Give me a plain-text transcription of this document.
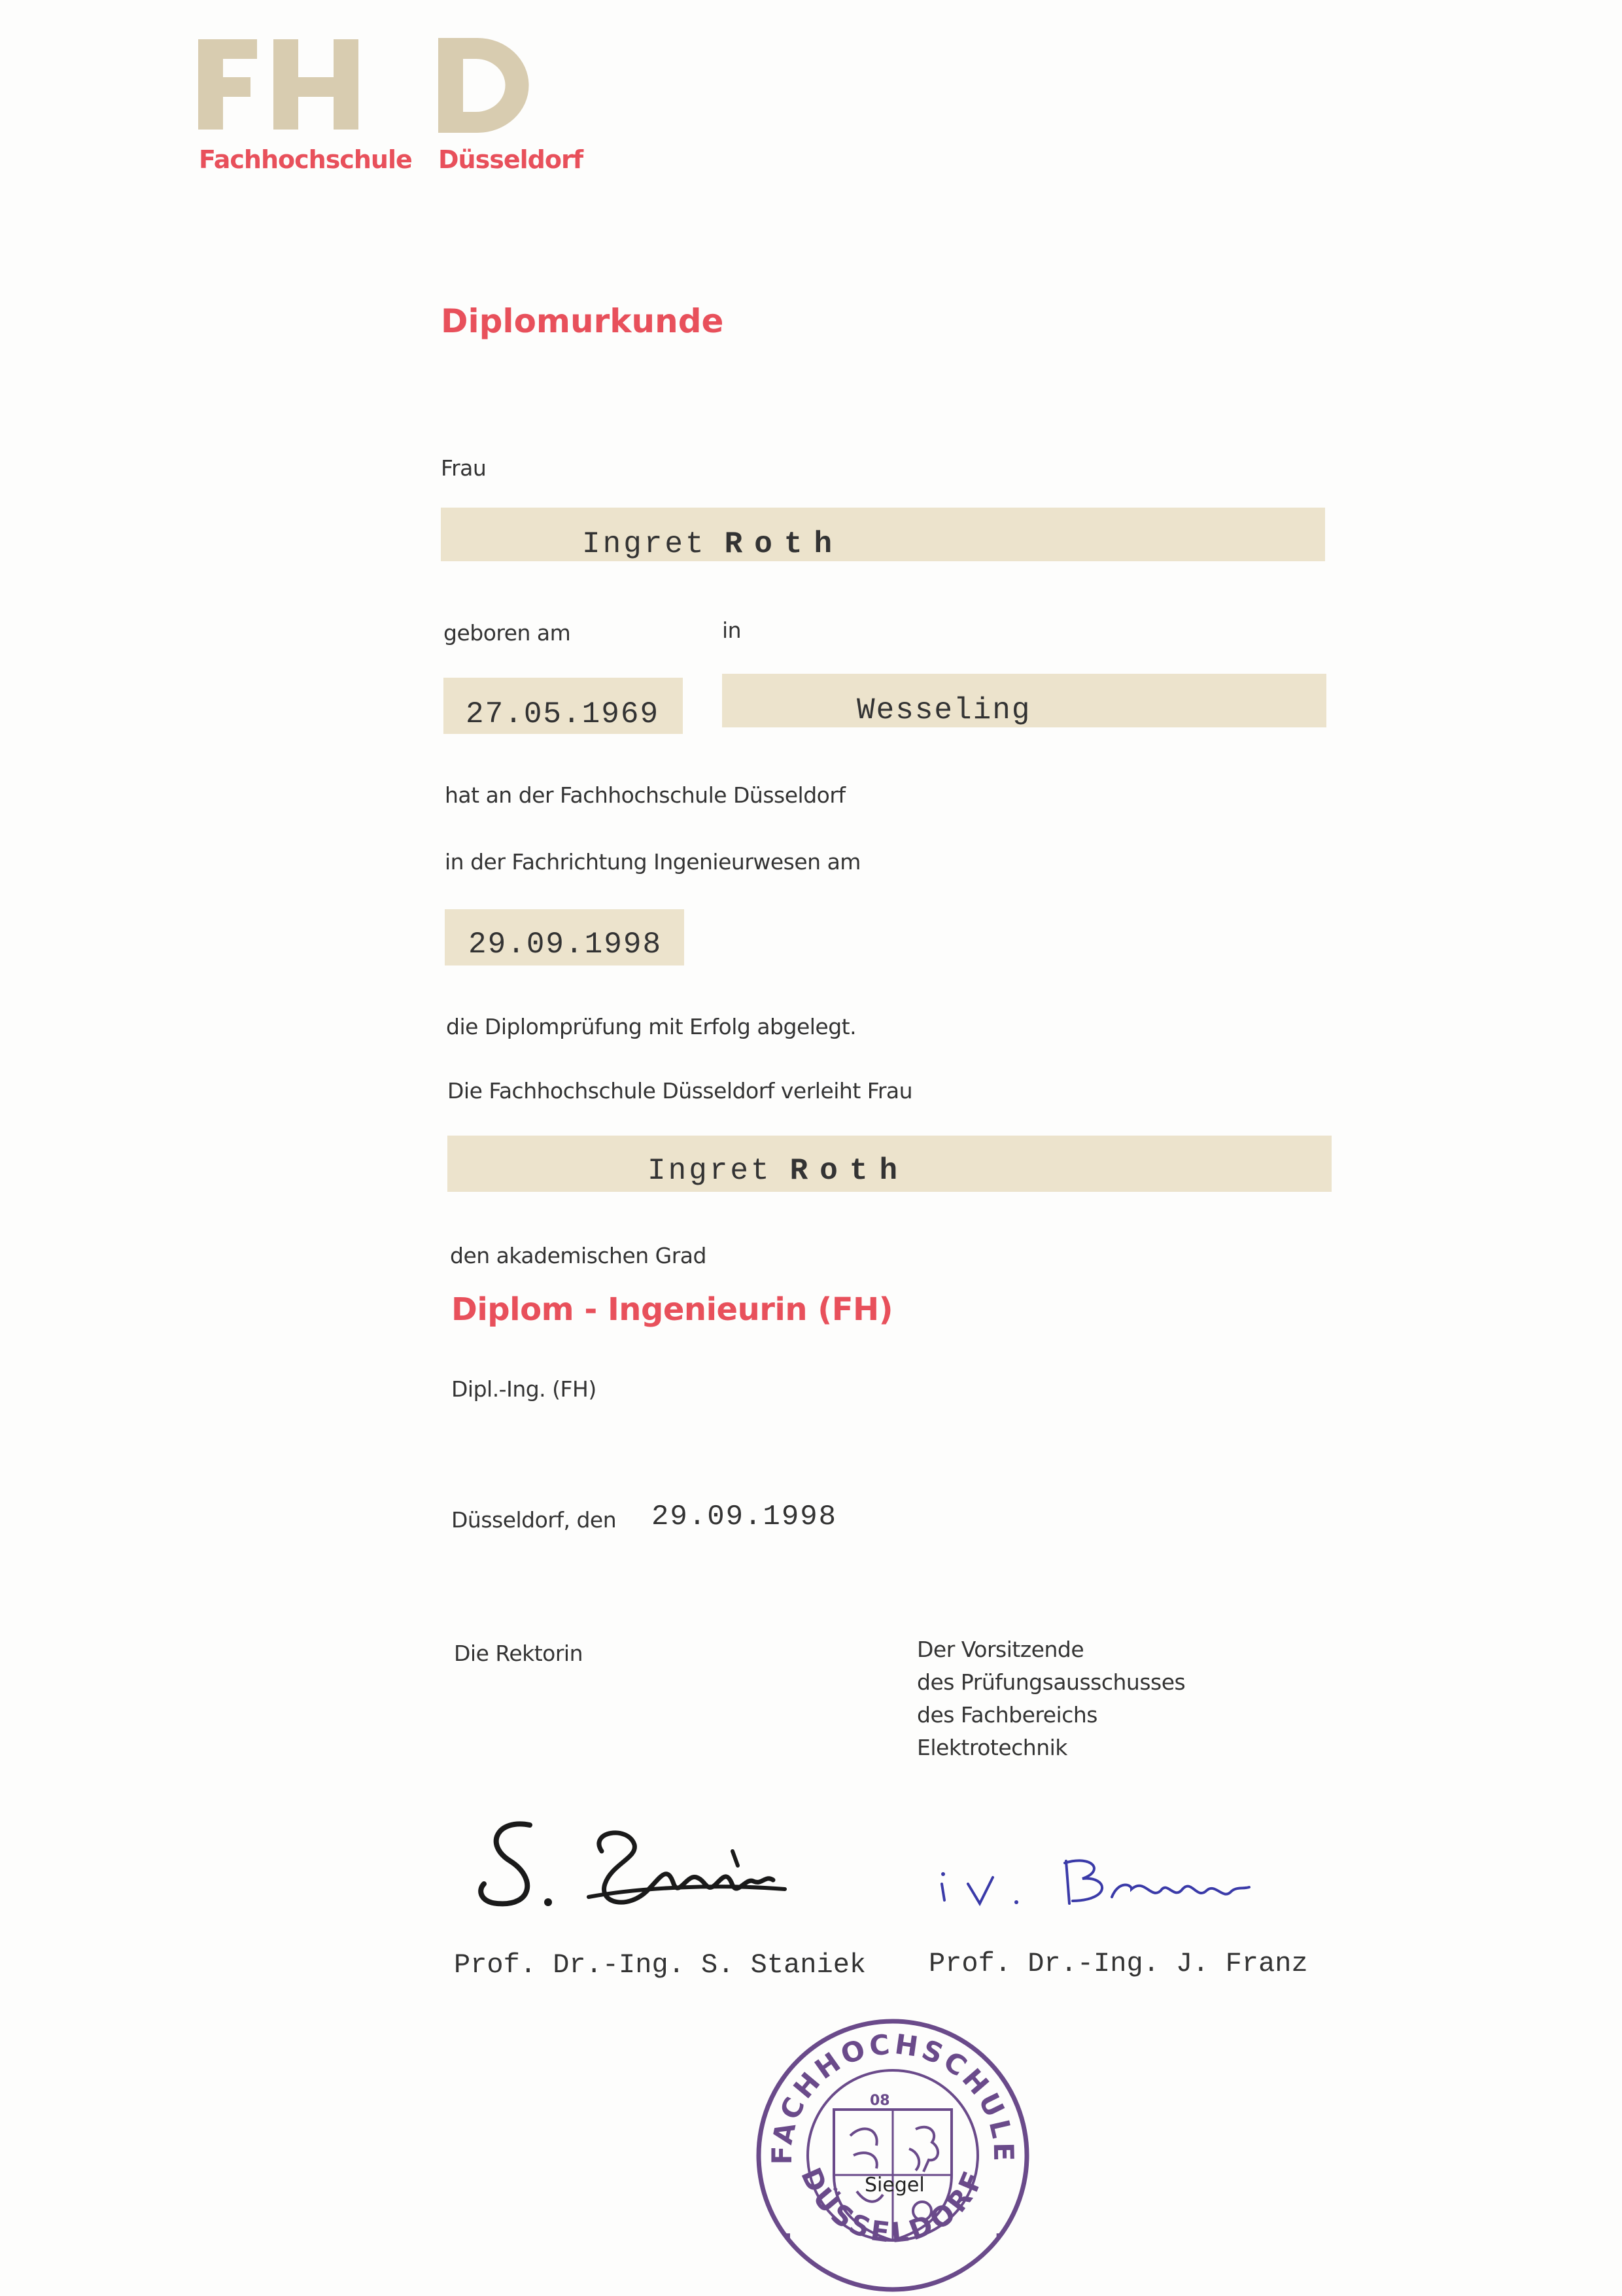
Fachhochschule Düsseldorf
Diplomurkunde
Frau
Ingret Roth
geboren am	in
27.05.1969	Wesseling
hat an der Fachhochschule Düsseldorf
in der Fachrichtung Ingenieurwesen am
29.09.1998
die Diplomprüfung mit Erfolg abgelegt.
Die Fachhochschule Düsseldorf verleiht Frau
Ingret Roth
den akademischen Grad
Diplom - Ingenieurin (FH)
Dipl.-Ing. (FH)
Düsseldorf, den 29.09.1998
Die Rektorin	Der Vorsitzende
des Prüfungsausschusses
des Fachbereichs
Elektrotechnik
Prof. Dr.-Ing. S. Staniek Prof. Dr.-Ing. J. Franz
FACHHOCHSCHULE
DÜSSELDORF
·	·
08
Siegel
